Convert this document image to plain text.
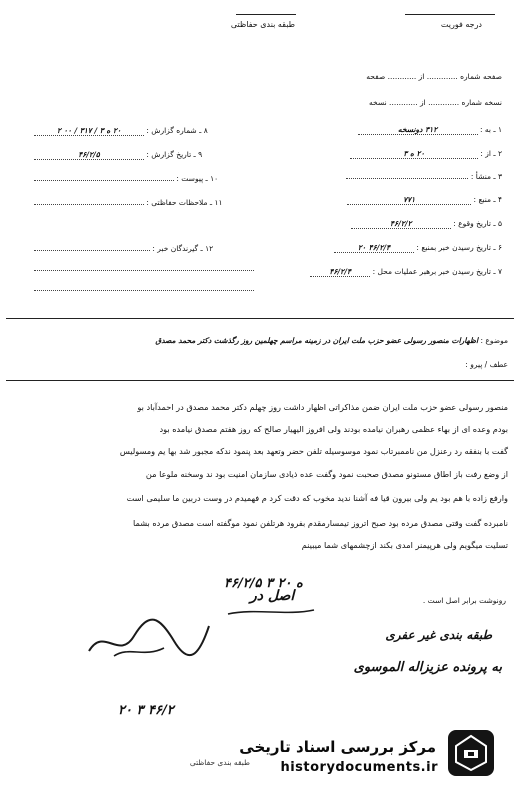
درجه فوریت
طبقه بندی حفاظتی
صفحه شماره ............. از ............ صفحه
نسخه شماره ............. از ............ نسخه
۱ ـ به : ۳۱۲ دونسخه
۲ ـ از : ۲۰ ه ۳
۳ ـ منشأ :
۴ ـ منبع : ۷۷۱
۵ ـ تاریخ وقوع : ۴۶/۲/۲
۶ ـ تاریخ رسیدن خبر بمنبع : ۴۶/۲/۴ ۲۰
۷ ـ تاریخ رسیدن خبر برهبر عملیات محل : ۴۶/۲/۴
۸ ـ شماره گزارش : ۲۰ ه ۳ / ۳۱۷ / ۰۰ ۲
۹ ـ تاریخ گزارش : ۴۶/۲/۵
۱۰ ـ پیوست :
۱۱ ـ ملاحظات حفاظتی :
۱۲ ـ گیرندگان خبر :
موضوع : اظهارات منصور رسولی عضو حزب ملت ایران در زمینه مراسم چهلمین روز رگذشت دکتر محمد مصدق
عطف / پیرو :
منصور رسولی عضو حزب ملت ایران ضمن مذاکراتی اظهار داشت روز چهلم دکتر محمد مصدق در احمدآباد بو
بودم وعده ای از بهاء عظمی رهبران نیامده بودند ولی افروز الیهیار صالح که روز هفتم مصدق نیامده بود
گفت با بنفقه رد رعنزل من ناممبرتاب نمود موسوسیله تلفن حضر وتعهد بعد پنمود ندکه مجبور شد بها یم ومسولیس
از وضع رفت باز اطاق مستونو مصدق صحبت نمود وگفت عده ذیادی سازمان امنیت بود ند وسخنه ملوعا من
وارفع زاده با هم بود یم ولی بیرون قیا فه آشنا ندید مخوب که دقت کرد م فهمیدم در وست دربین ما سلیمی است
نامبرده گفت وقتی مصدق مرده بود صبح اتروز تیمسارمقدم بفرود هرتلفن نمود موگفته است مصدق مرده بشما
تسلیت میگویم ولی هرپیمنر امدی بکند ازچشمهای شما میبینم
رونوشت برابر اصل است .
اصل در
۴۶/۲/۵ ۳ ه ۲۰
طبقه بندی غیر عفری
به پرونده عزیزاله الموسوی
۲۰ ۳ ۴۶/۲
مرکز بررسی اسناد تاریخی
طبقه بندی حفاظتی historydocuments.ir
